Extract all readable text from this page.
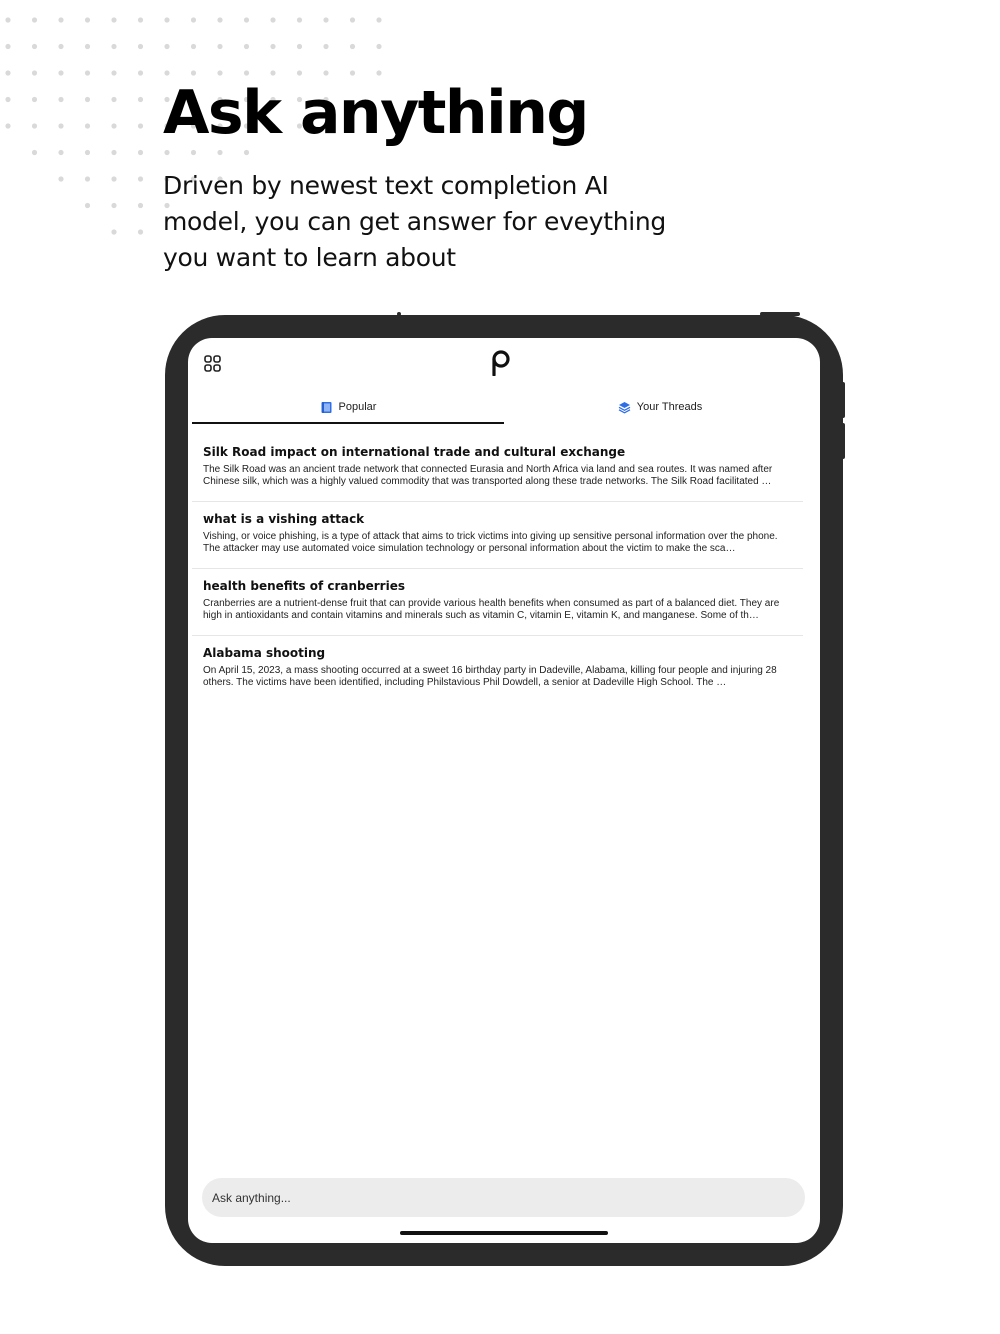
Ask anything
Driven by newest text completion AI model, you can get answer for eveything you want to learn about
Popular	Your Threads
Silk Road impact on international trade and cultural exchange
The Silk Road was an ancient trade network that connected Eurasia and North Africa via land and sea routes. It was named after Chinese silk, which was a highly valued commodity that was transported along these trade networks. The Silk Road facilitated …
what is a vishing attack
Vishing, or voice phishing, is a type of attack that aims to trick victims into giving up sensitive personal information over the phone. The attacker may use automated voice simulation technology or personal information about the victim to make the sca…
health benefits of cranberries
Cranberries are a nutrient-dense fruit that can provide various health benefits when consumed as part of a balanced diet. They are high in antioxidants and contain vitamins and minerals such as vitamin C, vitamin E, vitamin K, and manganese. Some of th…
Alabama shooting
On April 15, 2023, a mass shooting occurred at a sweet 16 birthday party in Dadeville, Alabama, killing four people and injuring 28 others. The victims have been identified, including Philstavious Phil Dowdell, a senior at Dadeville High School. The …
Ask anything...
